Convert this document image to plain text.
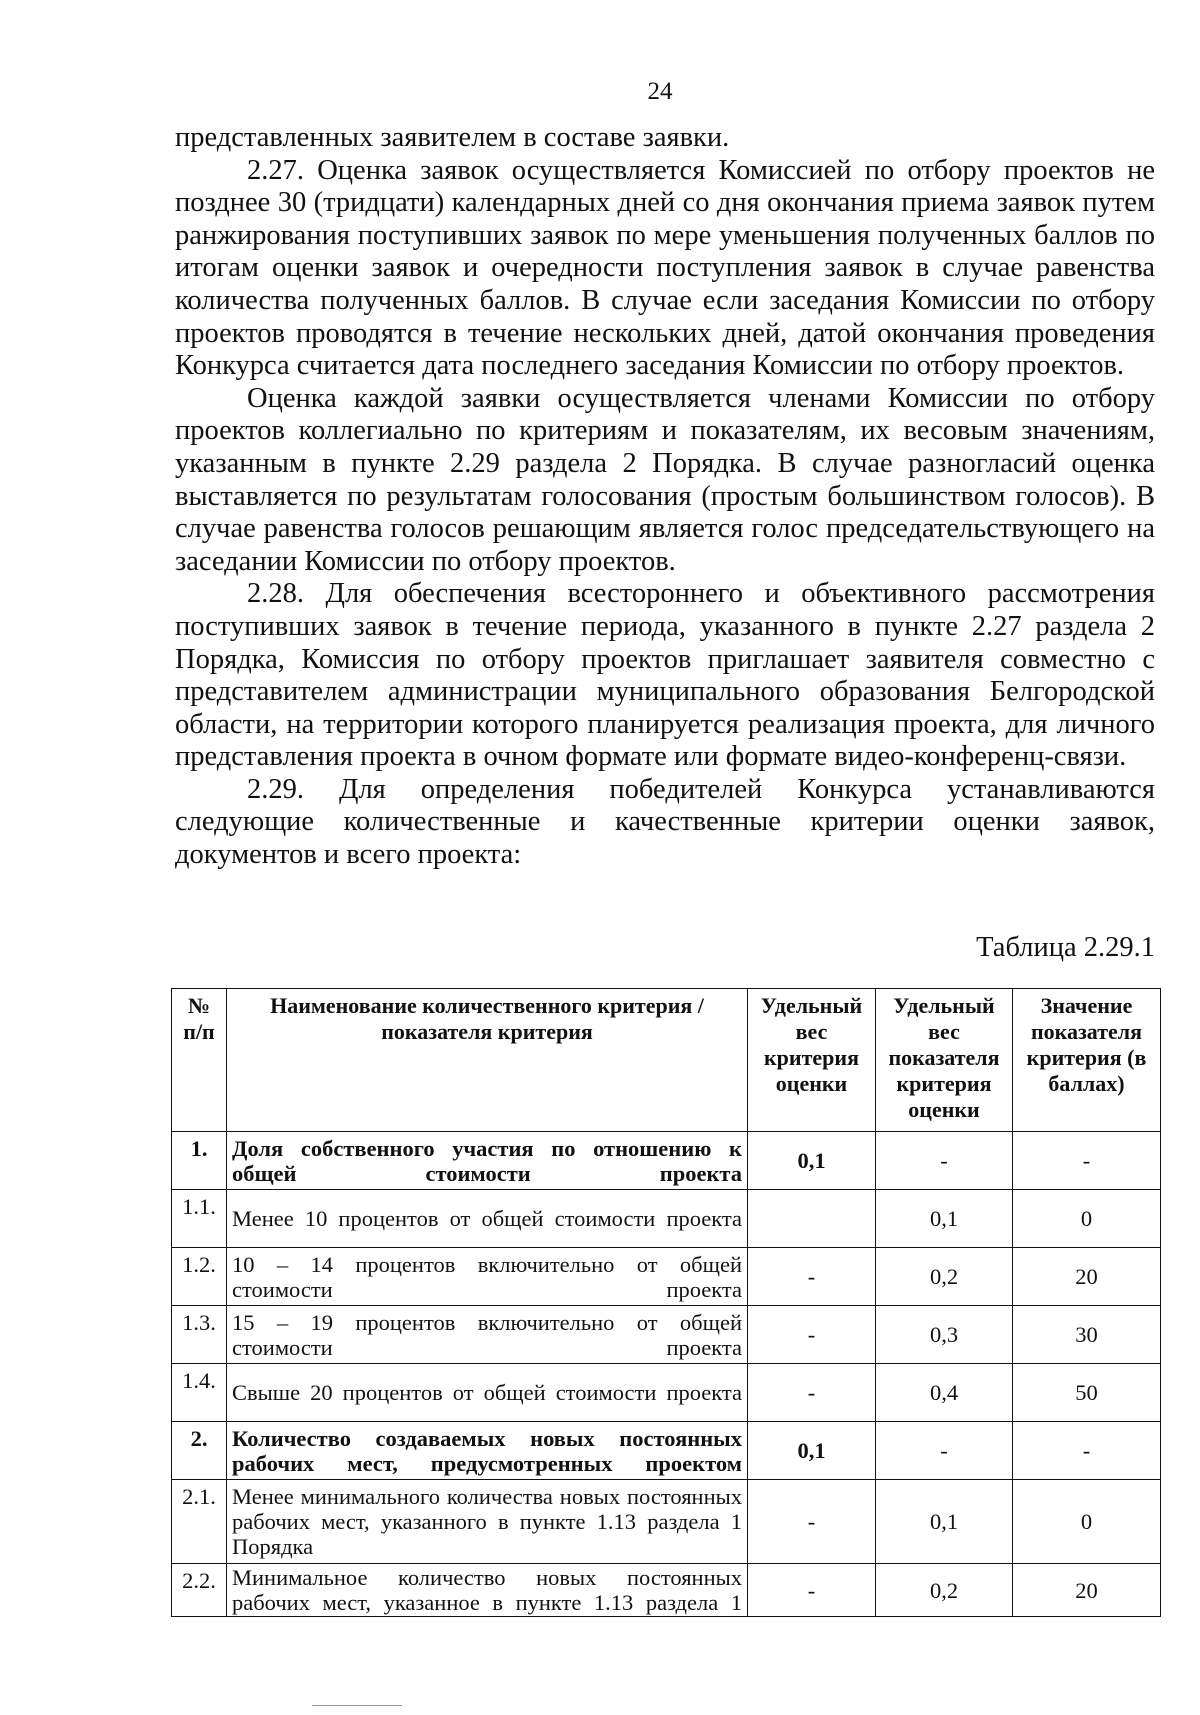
24

представленных заявителем в составе заявки.

2.27. Оценка заявок осуществляется Комиссией по отбору проектов не позднее 30 (тридцати) календарных дней со дня окончания приема заявок путем ранжирования поступивших заявок по мере уменьшения полученных баллов по итогам оценки заявок и очередности поступления заявок в случае равенства количества полученных баллов. В случае если заседания Комиссии по отбору проектов проводятся в течение нескольких дней, датой окончания проведения Конкурса считается дата последнего заседания Комиссии по отбору проектов.

Оценка каждой заявки осуществляется членами Комиссии по отбору проектов коллегиально по критериям и показателям, их весовым значениям, указанным в пункте 2.29 раздела 2 Порядка. В случае разногласий оценка выставляется по результатам голосования (простым большинством голосов). В случае равенства голосов решающим является голос председательствующего на заседании Комиссии по отбору проектов.

2.28. Для обеспечения всестороннего и объективного рассмотрения поступивших заявок в течение периода, указанного в пункте 2.27 раздела 2 Порядка, Комиссия по отбору проектов приглашает заявителя совместно с представителем администрации муниципального образования Белгородской области, на территории которого планируется реализация проекта, для личного представления проекта в очном формате или формате видео-конференц-связи.

2.29. Для определения победителей Конкурса устанавливаются следующие количественные и качественные критерии оценки заявок, документов и всего проекта:

Таблица 2.29.1
№ п/п	Наименование количественного критерия / показателя критерия	Удельный вес критерия оценки	Удельный вес показателя критерия оценки	Значение показателя критерия (в баллах)
1.	Доля собственного участия по отношению к общей стоимости проекта	0,1	-	-
1.1.	Менее 10 процентов от общей стоимости проекта		0,1	0
1.2.	10 – 14 процентов включительно от общей стоимости проекта	-	0,2	20
1.3.	15 – 19 процентов включительно от общей стоимости проекта	-	0,3	30
1.4.	Свыше 20 процентов от общей стоимости проекта	-	0,4	50
2.	Количество создаваемых новых постоянных рабочих мест, предусмотренных проектом	0,1	-	-
2.1.	Менее минимального количества новых постоянных рабочих мест, указанного в пункте 1.13 раздела 1 Порядка	-	0,1	0
2.2.	Минимальное количество новых постоянных рабочих мест, указанное в пункте 1.13 раздела 1	-	0,2	20
